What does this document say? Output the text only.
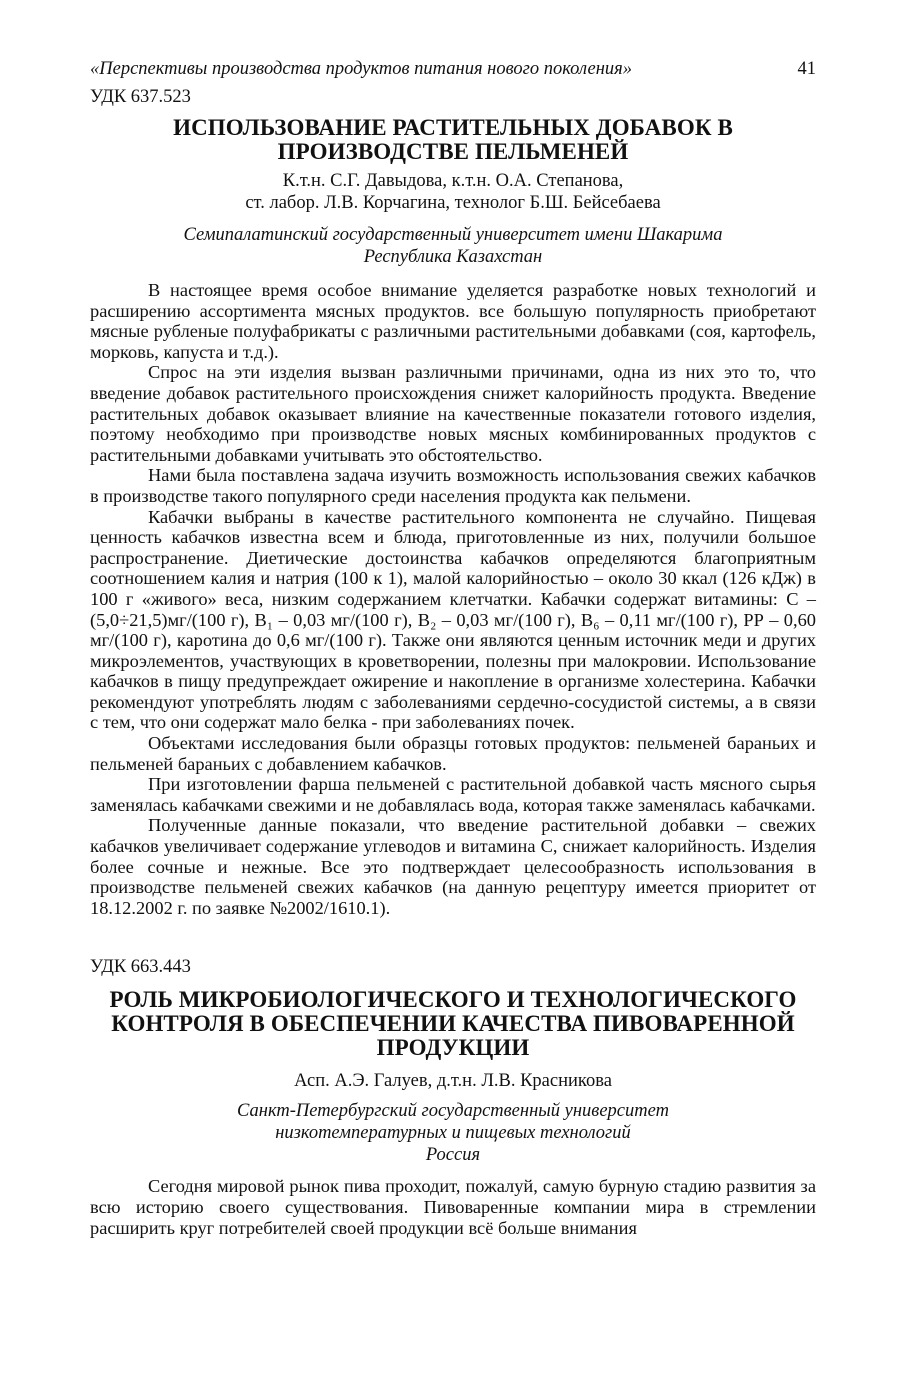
«Перспективы производства продуктов питания нового поколения»	41
УДК 637.523
ИСПОЛЬЗОВАНИЕ РАСТИТЕЛЬНЫХ ДОБАВОК В ПРОИЗВОДСТВЕ ПЕЛЬМЕНЕЙ
К.т.н. С.Г. Давыдова, к.т.н. О.А. Степанова,
ст. лабор. Л.В. Корчагина, технолог Б.Ш. Бейсебаева
Семипалатинский государственный университет имени Шакарима
Республика Казахстан

В настоящее время особое внимание уделяется разработке новых технологий и расширению ассортимента мясных продуктов. все большую популярность приобретают мясные рубленые полуфабрикаты с различными растительными добавками (соя, картофель, морковь, капуста и т.д.).

Спрос на эти изделия вызван различными причинами, одна из них это то, что введение добавок растительного происхождения снижет калорийность продукта. Введение растительных добавок оказывает влияние на качественные показатели готового изделия, поэтому необходимо при производстве новых мясных комбинированных продуктов с растительными добавками учитывать это обстоятельство.

Нами была поставлена задача изучить возможность использования свежих кабачков в производстве такого популярного среди населения продукта как пельмени.

Кабачки выбраны в качестве растительного компонента не случайно. Пищевая ценность кабачков известна всем и блюда, приготовленные из них, получили большое распространение. Диетические достоинства кабачков определяются благоприятным соотношением калия и натрия (100 к 1), малой калорийностью – около 30 ккал (126 кДж) в 100 г «живого» веса, низким содержанием клетчатки. Кабачки содержат витамины: С – (5,0÷21,5)мг/(100 г), В₁ – 0,03 мг/(100 г), В₂ – 0,03 мг/(100 г), В₆ – 0,11 мг/(100 г), РР – 0,60 мг/(100 г), каротина до 0,6 мг/(100 г). Также они являются ценным источник меди и других микроэлементов, участвующих в кроветворении, полезны при малокровии. Использование кабачков в пищу предупреждает ожирение и накопление в организме холестерина. Кабачки рекомендуют употреблять людям с заболеваниями сердечно-сосудистой системы, а в связи с тем, что они содержат мало белка - при заболеваниях почек.

Объектами исследования были образцы готовых продуктов: пельменей бараньих и пельменей бараньих с добавлением кабачков.

При изготовлении фарша пельменей с растительной добавкой часть мясного сырья заменялась кабачками свежими и не добавлялась вода, которая также заменялась кабачками.

Полученные данные показали, что введение растительной добавки – свежих кабачков увеличивает содержание углеводов и витамина С, снижает калорийность. Изделия более сочные и нежные. Все это подтверждает целесообразность использования в производстве пельменей свежих кабачков (на данную рецептуру имеется приоритет от 18.12.2002 г. по заявке №2002/1610.1).

УДК 663.443
РОЛЬ МИКРОБИОЛОГИЧЕСКОГО И ТЕХНОЛОГИЧЕСКОГО КОНТРОЛЯ В ОБЕСПЕЧЕНИИ КАЧЕСТВА ПИВОВАРЕННОЙ ПРОДУКЦИИ
Асп. А.Э. Галуев, д.т.н. Л.В. Красникова
Санкт-Петербургский государственный университет
низкотемпературных и пищевых технологий
Россия

Сегодня мировой рынок пива проходит, пожалуй, самую бурную стадию развития за всю историю своего существования. Пивоваренные компании мира в стремлении расширить круг потребителей своей продукции всё больше внимания
